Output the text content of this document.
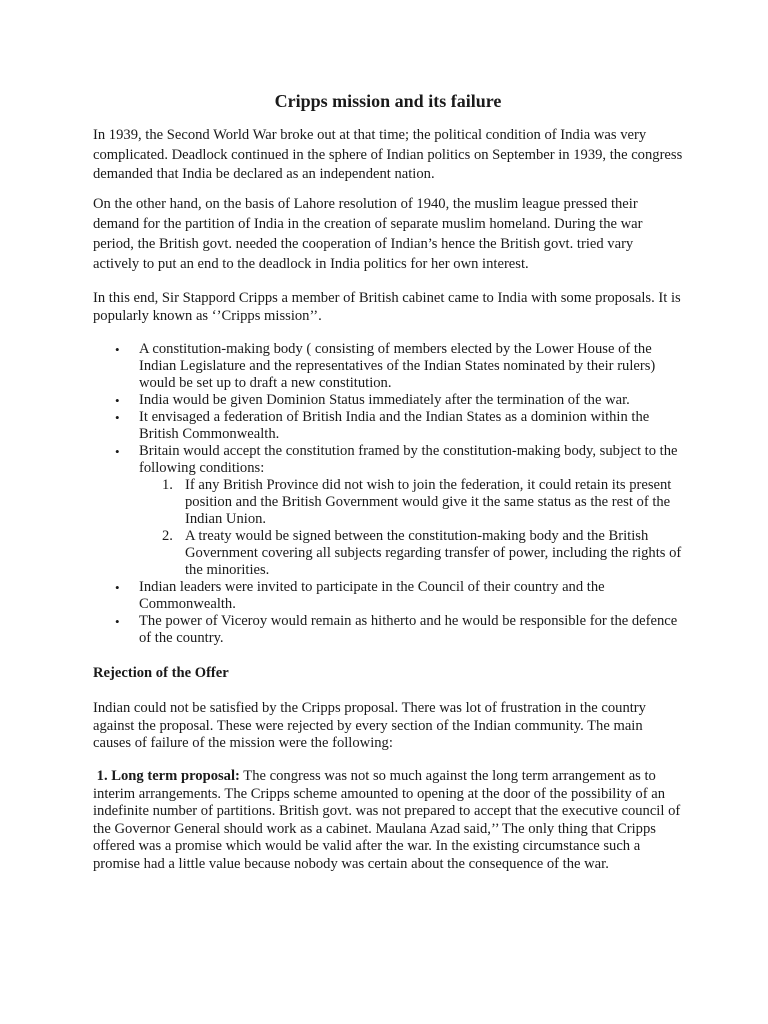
Cripps mission and its failure

In 1939, the Second World War broke out at that time; the political condition of India was very complicated. Deadlock continued in the sphere of Indian politics on September in 1939, the congress demanded that India be declared as an independent nation.

On the other hand, on the basis of Lahore resolution of 1940, the muslim league pressed their demand for the partition of India in the creation of separate muslim homeland. During the war period, the British govt. needed the cooperation of Indian’s hence the British govt. tried vary actively to put an end to the deadlock in India politics for her own interest.

In this end, Sir Stappord Cripps a member of British cabinet came to India with some proposals. It is popularly known as ‘’Cripps mission’’.

• A constitution-making body ( consisting of members elected by the Lower House of the Indian Legislature and the representatives of the Indian States nominated by their rulers) would be set up to draft a new constitution.
• India would be given Dominion Status immediately after the termination of the war.
• It envisaged a federation of British India and the Indian States as a dominion within the British Commonwealth.
• Britain would accept the constitution framed by the constitution-making body, subject to the following conditions:
1. If any British Province did not wish to join the federation, it could retain its present position and the British Government would give it the same status as the rest of the Indian Union.
2. A treaty would be signed between the constitution-making body and the British Government covering all subjects regarding transfer of power, including the rights of the minorities.
• Indian leaders were invited to participate in the Council of their country and the Commonwealth.
• The power of Viceroy would remain as hitherto and he would be responsible for the defence of the country.
Rejection of the Offer

Indian could not be satisfied by the Cripps proposal. There was lot of frustration in the country against the proposal. These were rejected by every section of the Indian community. The main causes of failure of the mission were the following:

1. Long term proposal: The congress was not so much against the long term arrangement as to interim arrangements. The Cripps scheme amounted to opening at the door of the possibility of an indefinite number of partitions. British govt. was not prepared to accept that the executive council of the Governor General should work as a cabinet. Maulana Azad said,’’ The only thing that Cripps offered was a promise which would be valid after the war. In the existing circumstance such a promise had a little value because nobody was certain about the consequence of the war.
